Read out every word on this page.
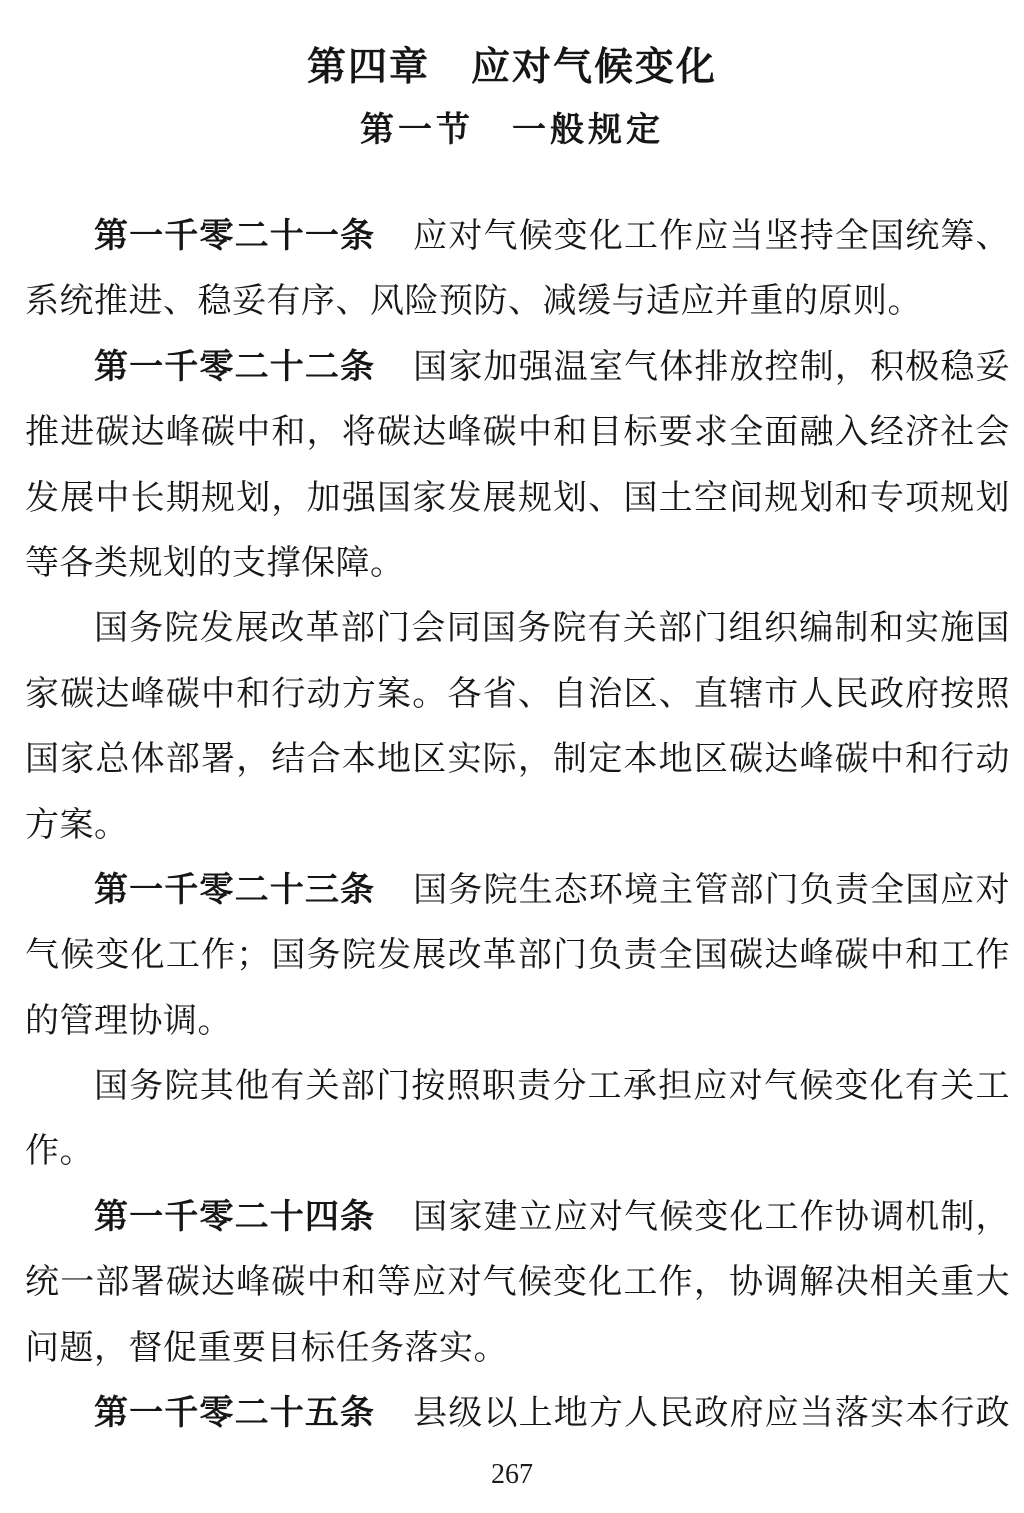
第四章　应对气候变化
第一节　一般规定
第一千零二十一条 应对气候变化工作应当坚持全国统筹、
系统推进、稳妥有序、风险预防、减缓与适应并重的原则。
第一千零二十二条 国家加强温室气体排放控制，积极稳妥
推进碳达峰碳中和，将碳达峰碳中和目标要求全面融入经济社会
发展中长期规划，加强国家发展规划、国土空间规划和专项规划
等各类规划的支撑保障。
国务院发展改革部门会同国务院有关部门组织编制和实施国
家碳达峰碳中和行动方案。各省、自治区、直辖市人民政府按照
国家总体部署，结合本地区实际，制定本地区碳达峰碳中和行动
方案。
第一千零二十三条 国务院生态环境主管部门负责全国应对
气候变化工作；国务院发展改革部门负责全国碳达峰碳中和工作
的管理协调。
国务院其他有关部门按照职责分工承担应对气候变化有关工
作。
第一千零二十四条 国家建立应对气候变化工作协调机制，
统一部署碳达峰碳中和等应对气候变化工作，协调解决相关重大
问题，督促重要目标任务落实。
第一千零二十五条 县级以上地方人民政府应当落实本行政
267
